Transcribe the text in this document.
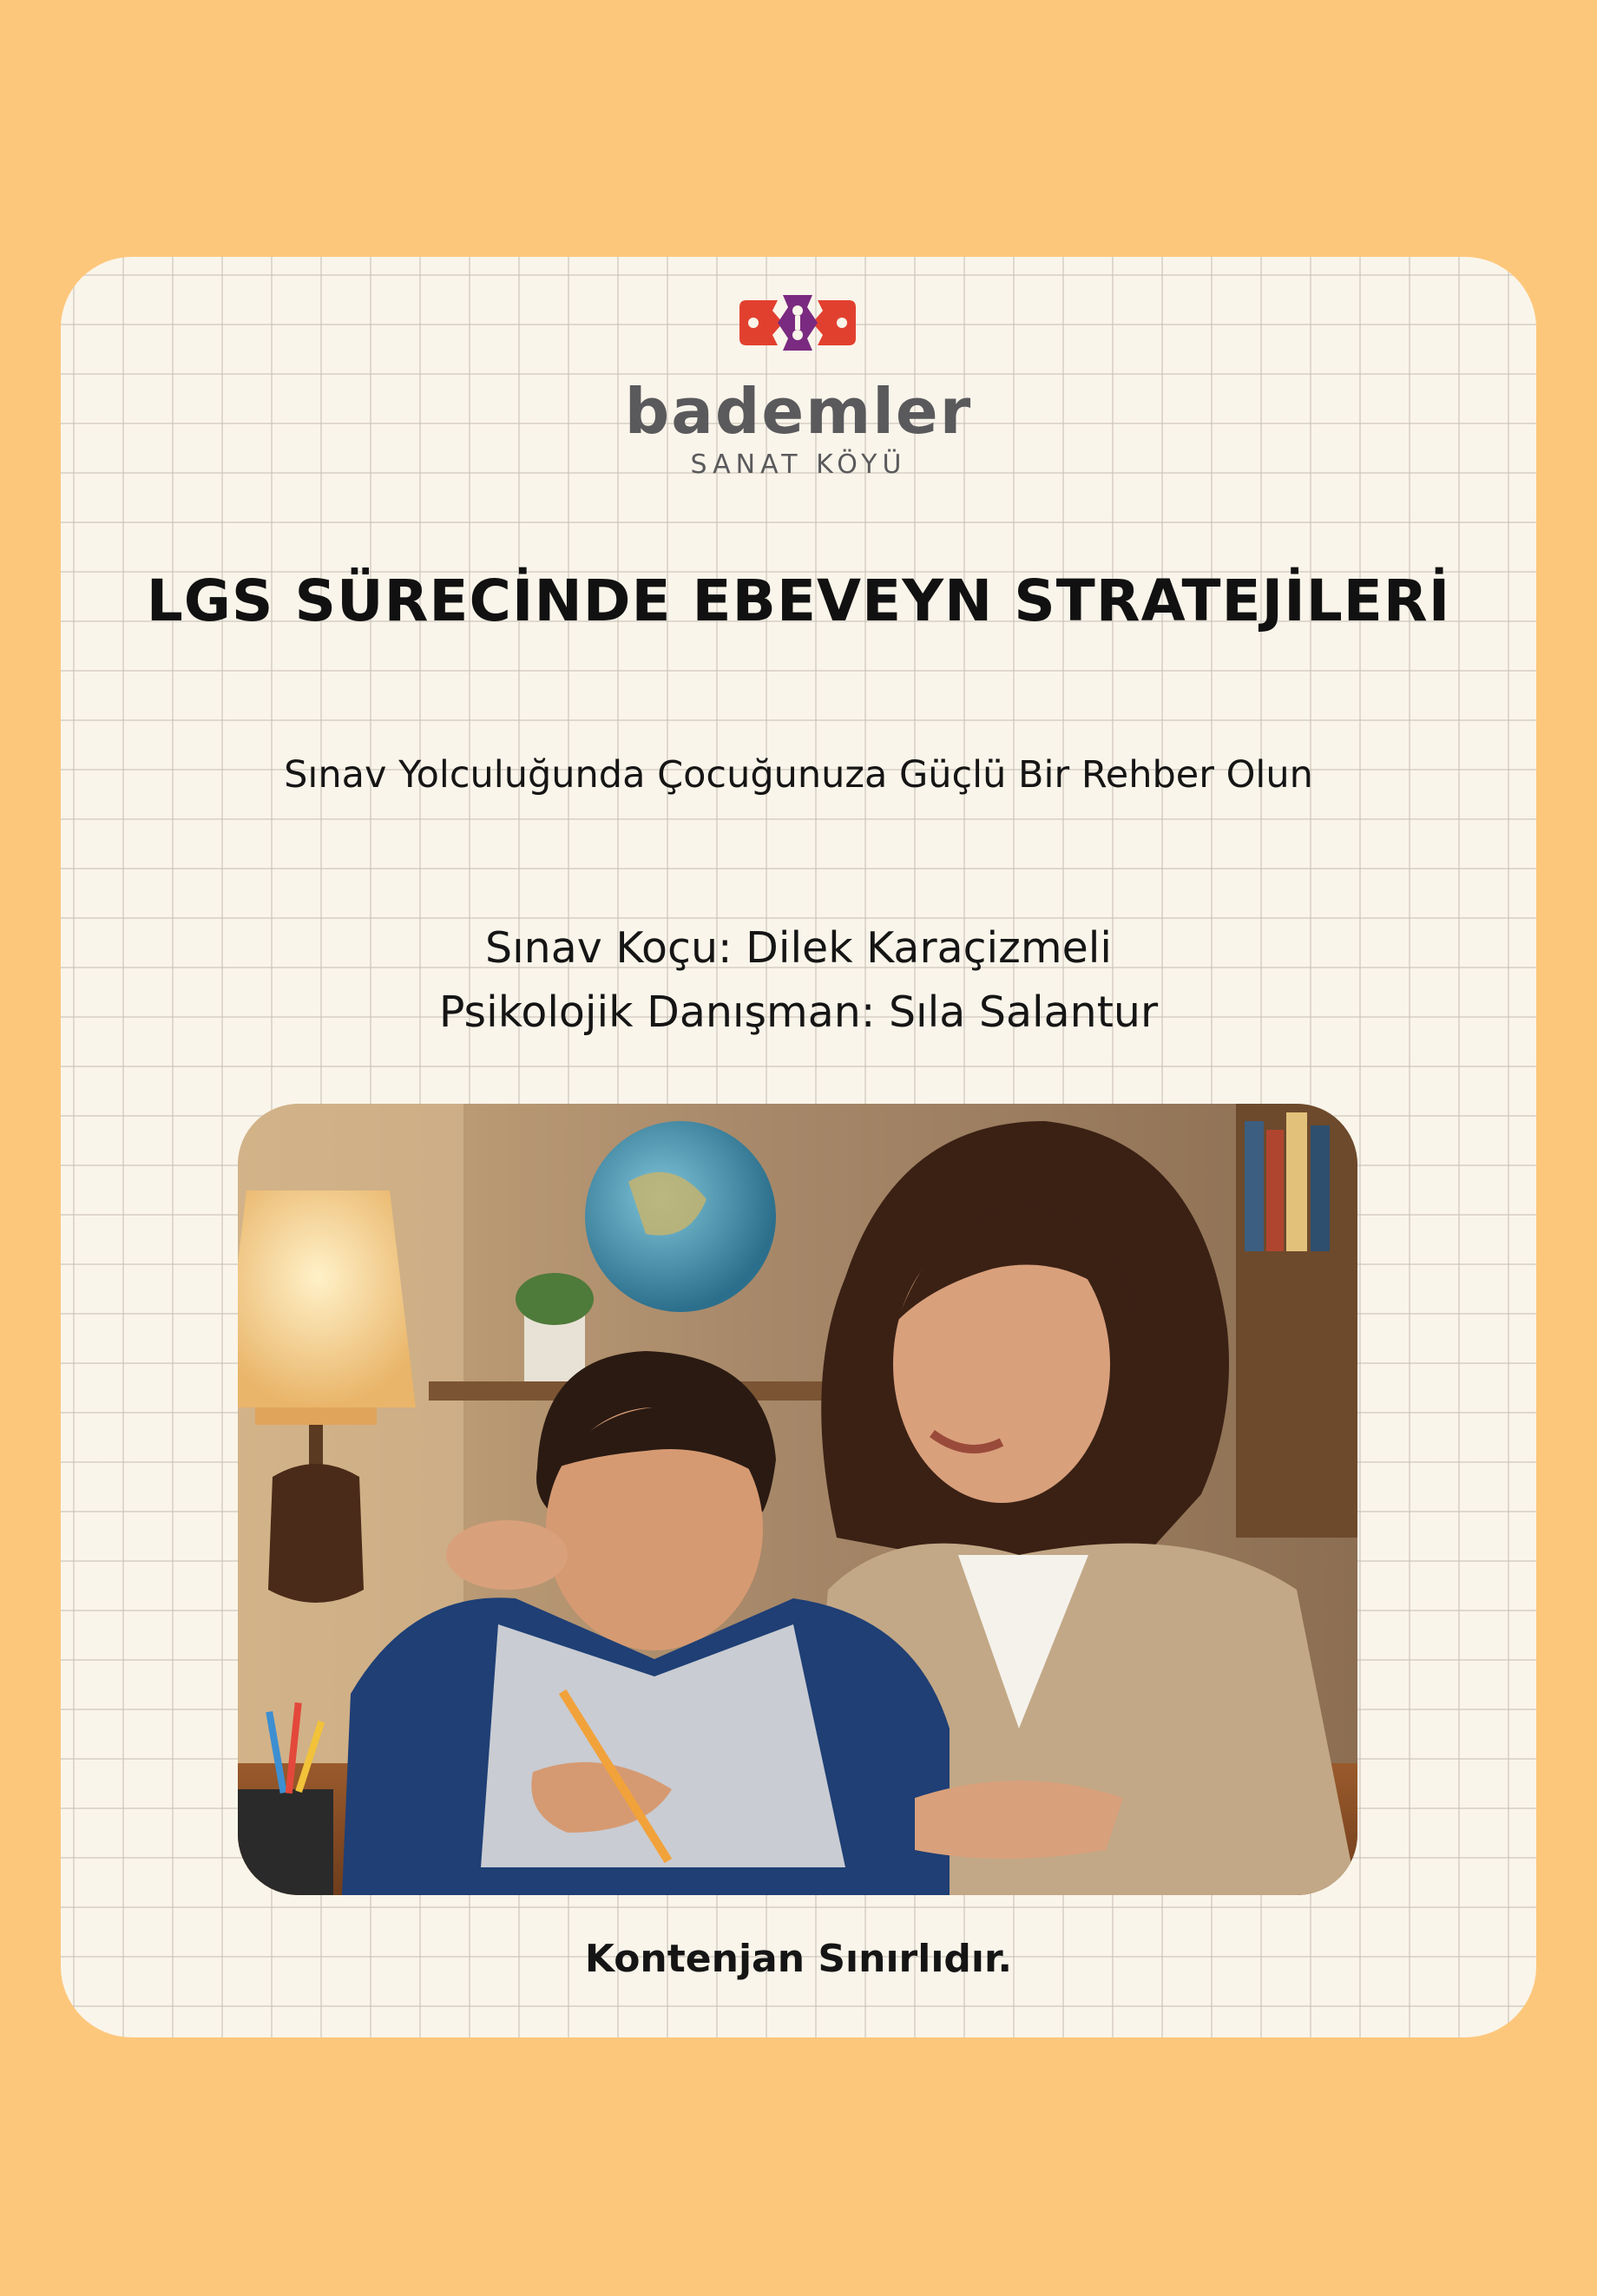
bademler
SANAT KÖYÜ
LGS SÜRECİNDE EBEVEYN STRATEJİLERİ
Sınav Yolculuğunda Çocuğunuza Güçlü Bir Rehber Olun
Sınav Koçu: Dilek Karaçizmeli
Psikolojik Danışman: Sıla Salantur
Kontenjan Sınırlıdır.
